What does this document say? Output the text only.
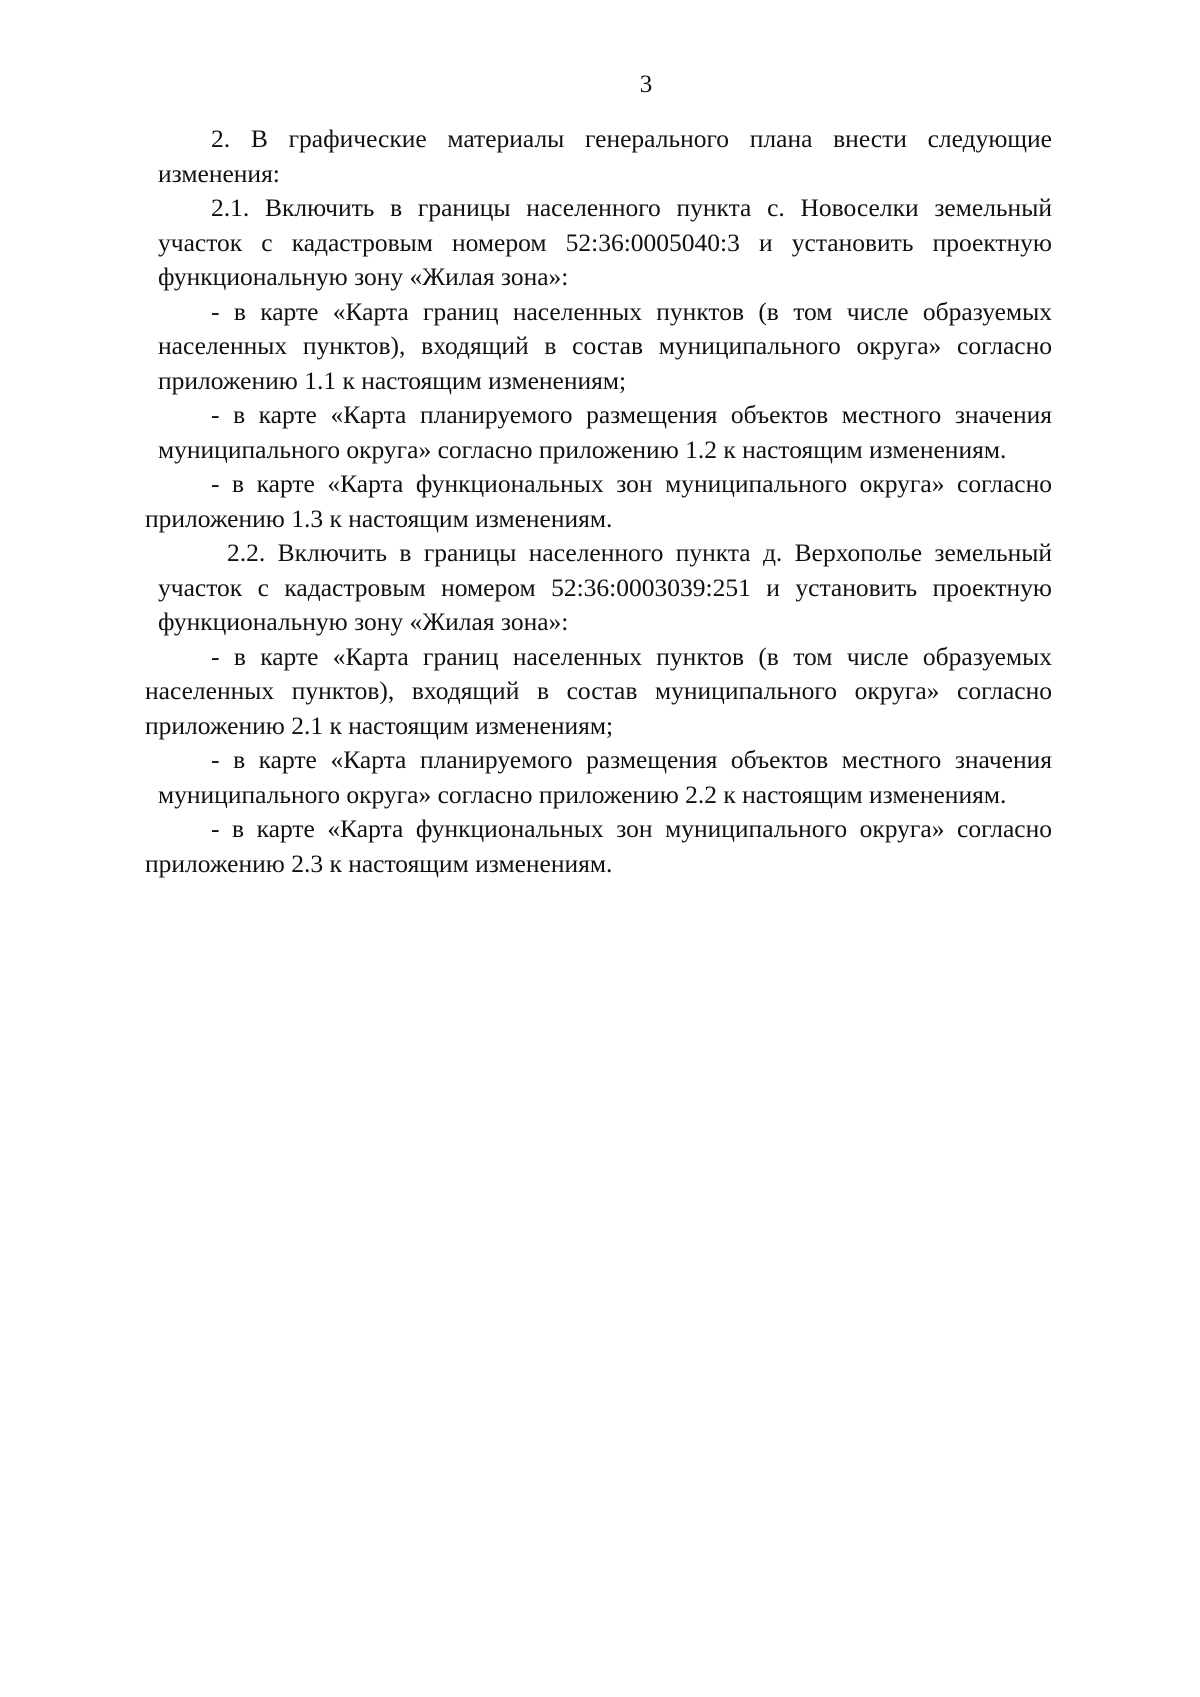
3

2. В графические материалы генерального плана внести следующие изменения:

2.1. Включить в границы населенного пункта с. Новоселки земельный участок с кадастровым номером 52:36:0005040:3 и установить проектную функциональную зону «Жилая зона»:

- в карте «Карта границ населенных пунктов (в том числе образуемых населенных пунктов), входящий в состав муниципального округа» согласно приложению 1.1 к настоящим изменениям;

- в карте «Карта планируемого размещения объектов местного значения муниципального округа» согласно приложению 1.2 к настоящим изменениям.

- в карте «Карта функциональных зон муниципального округа» согласно
приложению 1.3 к настоящим изменениям.

2.2. Включить в границы населенного пункта д. Верхополье земельный участок с кадастровым номером 52:36:0003039:251 и установить проектную функциональную зону «Жилая зона»:

- в карте «Карта границ населенных пунктов (в том числе образуемых
населенных пунктов), входящий в состав муниципального округа» согласно
приложению 2.1 к настоящим изменениям;

- в карте «Карта планируемого размещения объектов местного значения муниципального округа» согласно приложению 2.2 к настоящим изменениям.

- в карте «Карта функциональных зон муниципального округа» согласно
приложению 2.3 к настоящим изменениям.
